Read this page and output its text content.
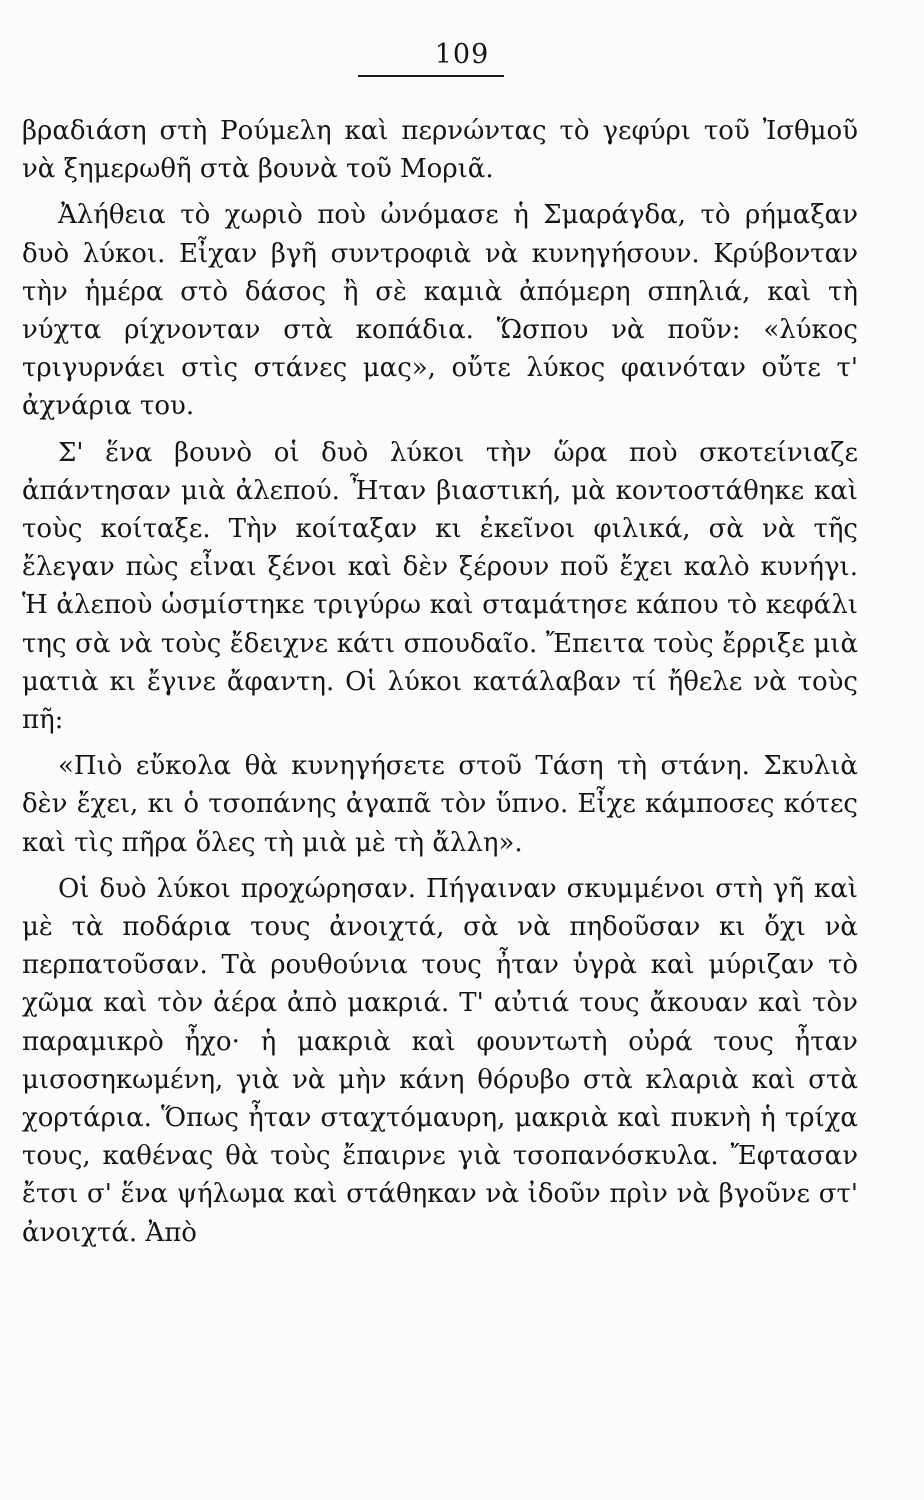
109

βραδιάση στὴ Ρούμελη καὶ περνώντας τὸ γεφύρι τοῦ Ἰσθμοῦ νὰ ξημερωθῆ στὰ βουνὰ τοῦ Μοριᾶ.

Ἀλήθεια τὸ χωριὸ ποὺ ὠνόμασε ἡ Σμαράγδα, τὸ ρήμαξαν δυὸ λύκοι. Εἶχαν βγῆ συντροφιὰ νὰ κυνηγήσουν. Κρύβονταν τὴν ἡμέρα στὸ δάσος ἢ σὲ καμιὰ ἀπόμερη σπηλιά, καὶ τὴ νύχτα ρίχνονταν στὰ κοπάδια. Ὥσπου νὰ ποῦν: «λύκος τριγυρνάει στὶς στάνες μας», οὔτε λύκος φαινόταν οὔτε τ' ἀχνάρια του.

Σ' ἕνα βουνὸ οἱ δυὸ λύκοι τὴν ὥρα ποὺ σκοτείνιαζε ἀπάντησαν μιὰ ἀλεπού. Ἦταν βιαστική, μὰ κοντοστάθηκε καὶ τοὺς κοίταξε. Τὴν κοίταξαν κι ἐκεῖνοι φιλικά, σὰ νὰ τῆς ἔλεγαν πὼς εἶναι ξένοι καὶ δὲν ξέρουν ποῦ ἔχει καλὸ κυνήγι. Ἡ ἀλεποὺ ὡσμίστηκε τριγύρω καὶ σταμάτησε κάπου τὸ κεφάλι της σὰ νὰ τοὺς ἔδειχνε κάτι σπουδαῖο. Ἔπειτα τοὺς ἔρριξε μιὰ ματιὰ κι ἔγινε ἄφαντη. Οἱ λύκοι κατάλαβαν τί ἤθελε νὰ τοὺς πῆ:

«Πιὸ εὔκολα θὰ κυνηγήσετε στοῦ Τάση τὴ στάνη. Σκυλιὰ δὲν ἔχει, κι ὁ τσοπάνης ἀγαπᾶ τὸν ὕπνο. Εἶχε κάμποσες κότες καὶ τὶς πῆρα ὅλες τὴ μιὰ μὲ τὴ ἄλλη».

Οἱ δυὸ λύκοι προχώρησαν. Πήγαιναν σκυμμένοι στὴ γῆ καὶ μὲ τὰ ποδάρια τους ἀνοιχτά, σὰ νὰ πηδοῦσαν κι ὄχι νὰ περπατοῦσαν. Τὰ ρουθούνια τους ἦταν ὑγρὰ καὶ μύριζαν τὸ χῶμα καὶ τὸν ἀέρα ἀπὸ μακριά. Τ' αὐτιά τους ἄκουαν καὶ τὸν παραμικρὸ ἦχο· ἡ μακριὰ καὶ φουντωτὴ οὐρά τους ἦταν μισοσηκωμένη, γιὰ νὰ μὴν κάνη θόρυβο στὰ κλαριὰ καὶ στὰ χορτάρια. Ὅπως ἦταν σταχτόμαυρη, μακριὰ καὶ πυκνὴ ἡ τρίχα τους, καθένας θὰ τοὺς ἔπαιρνε γιὰ τσοπανόσκυλα. Ἔφτασαν ἔτσι σ' ἕνα ψήλωμα καὶ στάθηκαν νὰ ἰδοῦν πρὶν νὰ βγοῦνε στ' ἀνοιχτά. Ἀπὸ
